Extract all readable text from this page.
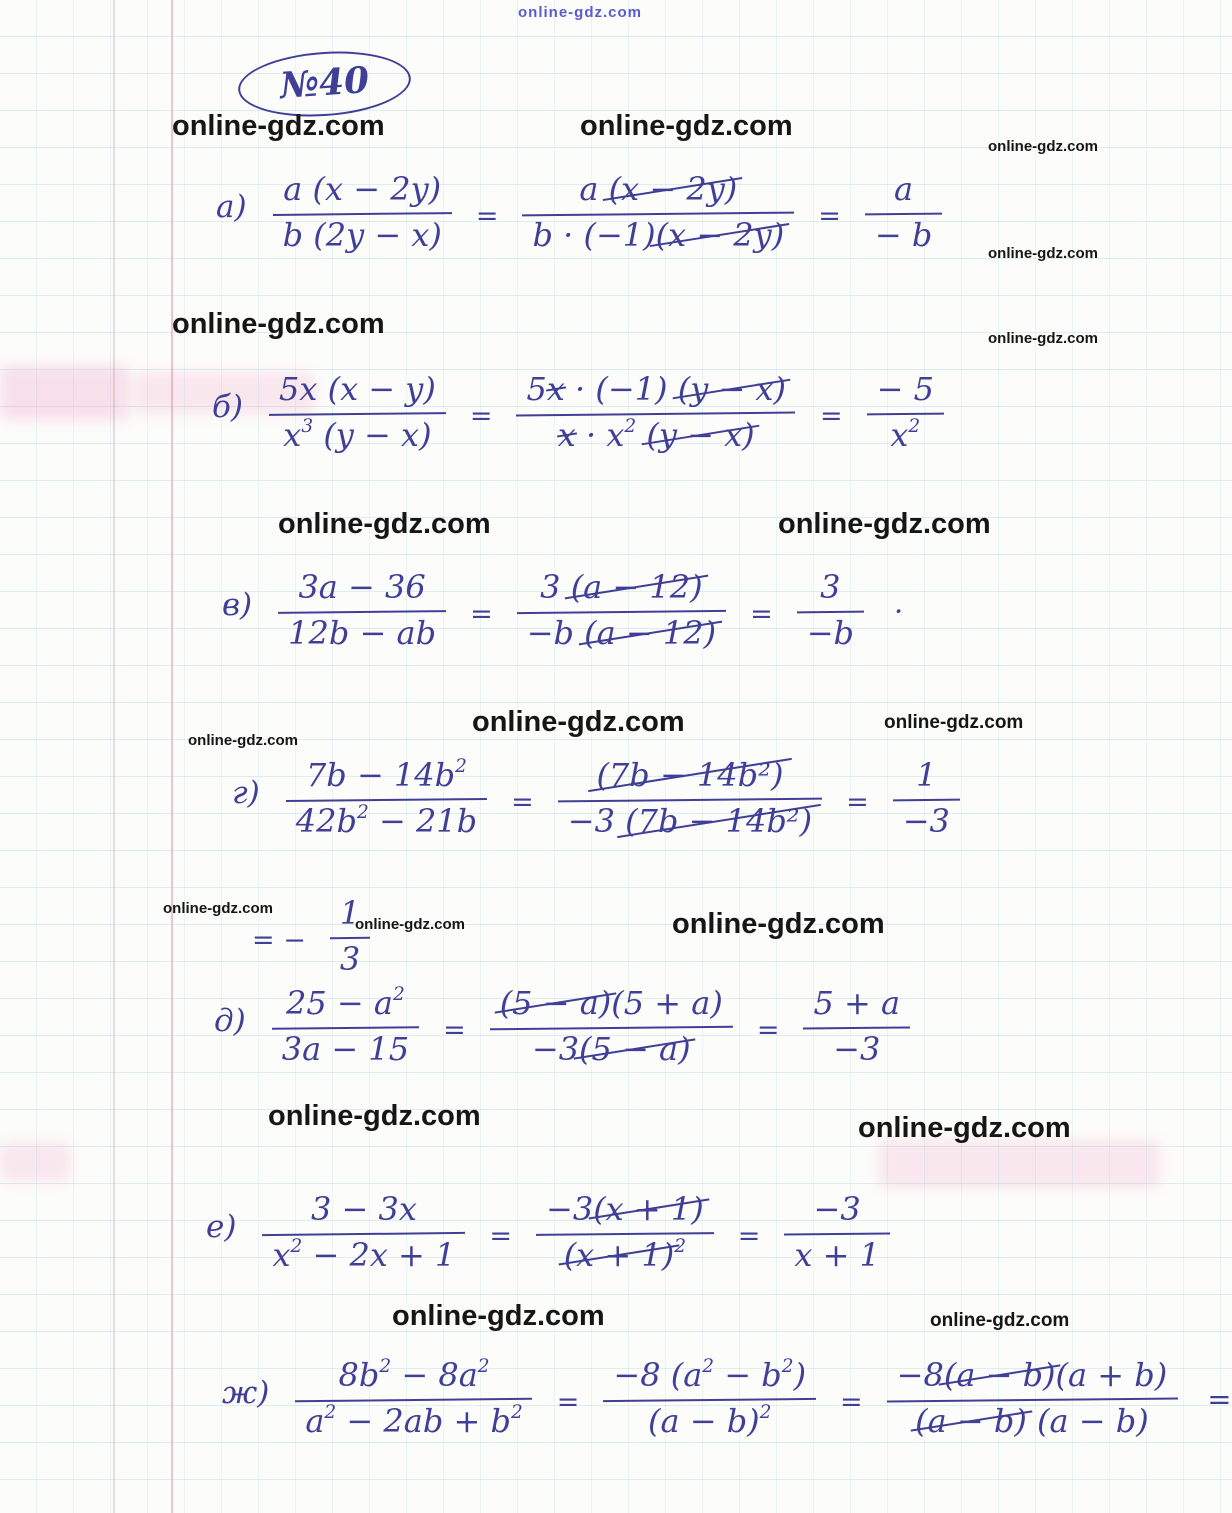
№40
online-gdz.com
online-gdz.com	online-gdz.com
online-gdz.com
online-gdz.com
online-gdz.com	online-gdz.com
online-gdz.com	online-gdz.com
online-gdz.com	online-gdz.com
online-gdz.com
online-gdz.com
online-gdz.com	online-gdz.com
online-gdz.com	online-gdz.com
online-gdz.com	online-gdz.com
$а) \frac{a (x - 2y)}{b (2y - x)}$ =
a (x − 2y)
b · (−1)(x − 2y)	= $\frac{a}{- b}$
$б) \frac{5x (x - y)}{x3 (y - x)}$ =
5x · (−1) (y − x)
x · x2 (y − x)	= $\frac{- 5}{x2}$
$в) \frac{3a - 36}{12b - ab}$ =
3 (a − 12)
−b (a − 12)	= $\frac{3}{-b}$ ·
г)	7b − 14b2
42b2 − 21b	=
(7b − 14b²)
−3 (7b − 14b²)	= $\frac{1}{-3}$
= − $\frac{1}{3}$
$д) \frac{25 - a2}{3a - 15}$ =
(5 − a)(5 + a)
−3(5 − a)	= $\frac{5 + a}{-3}$
е)	3 − 3x
x2 − 2x + 1	= $\frac{-3(x + 1)}{(x + 1)2} = \frac{-3}{x + 1}$
ж)	8b2 − 8a2
a2 − 2ab + b2	=
−8 (a2 − b2)
(a − b)2	=
−8(a − b)(a + b)
(a − b) (a − b)
=
